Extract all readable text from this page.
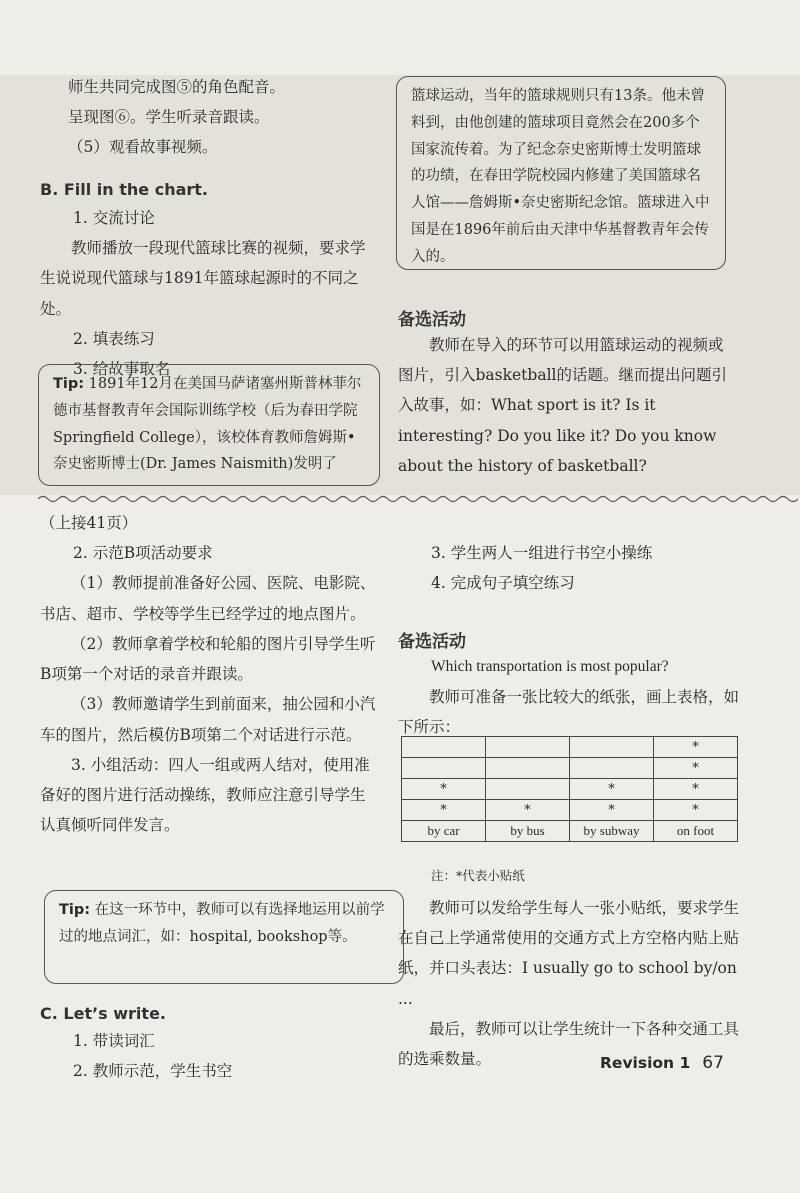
师生共同完成图⑤的角色配音。
呈现图⑥。学生听录音跟读。
（5）观看故事视频。
B. Fill in the chart.
1. 交流讨论
教师播放一段现代篮球比赛的视频，要求学生说说现代篮球与1891年篮球起源时的不同之处。
2. 填表练习
3. 给故事取名
Tip: 1891年12月在美国马萨诸塞州斯普林菲尔德市基督教青年会国际训练学校（后为春田学院Springfield College），该校体育教师詹姆斯•奈史密斯博士(Dr. James Naismith)发明了
篮球运动，当年的篮球规则只有13条。他未曾料到，由他创建的篮球项目竟然会在200多个国家流传着。为了纪念奈史密斯博士发明篮球的功绩，在春田学院校园内修建了美国篮球名人馆——詹姆斯•奈史密斯纪念馆。篮球进入中国是在1896年前后由天津中华基督教青年会传入的。
备选活动
教师在导入的环节可以用篮球运动的视频或图片，引入basketball的话题。继而提出问题引入故事，如：What sport is it? Is it interesting? Do you like it? Do you know about the history of basketball?
（上接41页）
2. 示范B项活动要求
（1）教师提前准备好公园、医院、电影院、书店、超市、学校等学生已经学过的地点图片。
（2）教师拿着学校和轮船的图片引导学生听B项第一个对话的录音并跟读。
（3）教师邀请学生到前面来，抽公园和小汽车的图片，然后模仿B项第二个对话进行示范。
3. 小组活动：四人一组或两人结对，使用准备好的图片进行活动操练，教师应注意引导学生认真倾听同伴发言。
Tip: 在这一环节中，教师可以有选择地运用以前学过的地点词汇，如：hospital, bookshop等。
C. Let’s write.
1. 带读词汇
2. 教师示范，学生书空
3. 学生两人一组进行书空小操练
4. 完成句子填空练习
备选活动
Which transportation is most popular?
教师可准备一张比较大的纸张，画上表格，如下所示：
			*
			*
*		*	*
*	*	*	*
by car	by bus	by subway	on foot
注：*代表小贴纸
教师可以发给学生每人一张小贴纸，要求学生在自己上学通常使用的交通方式上方空格内贴上贴纸，并口头表达：I usually go to school by/on ...
最后，教师可以让学生统计一下各种交通工具的选乘数量。	Revision 1 67
